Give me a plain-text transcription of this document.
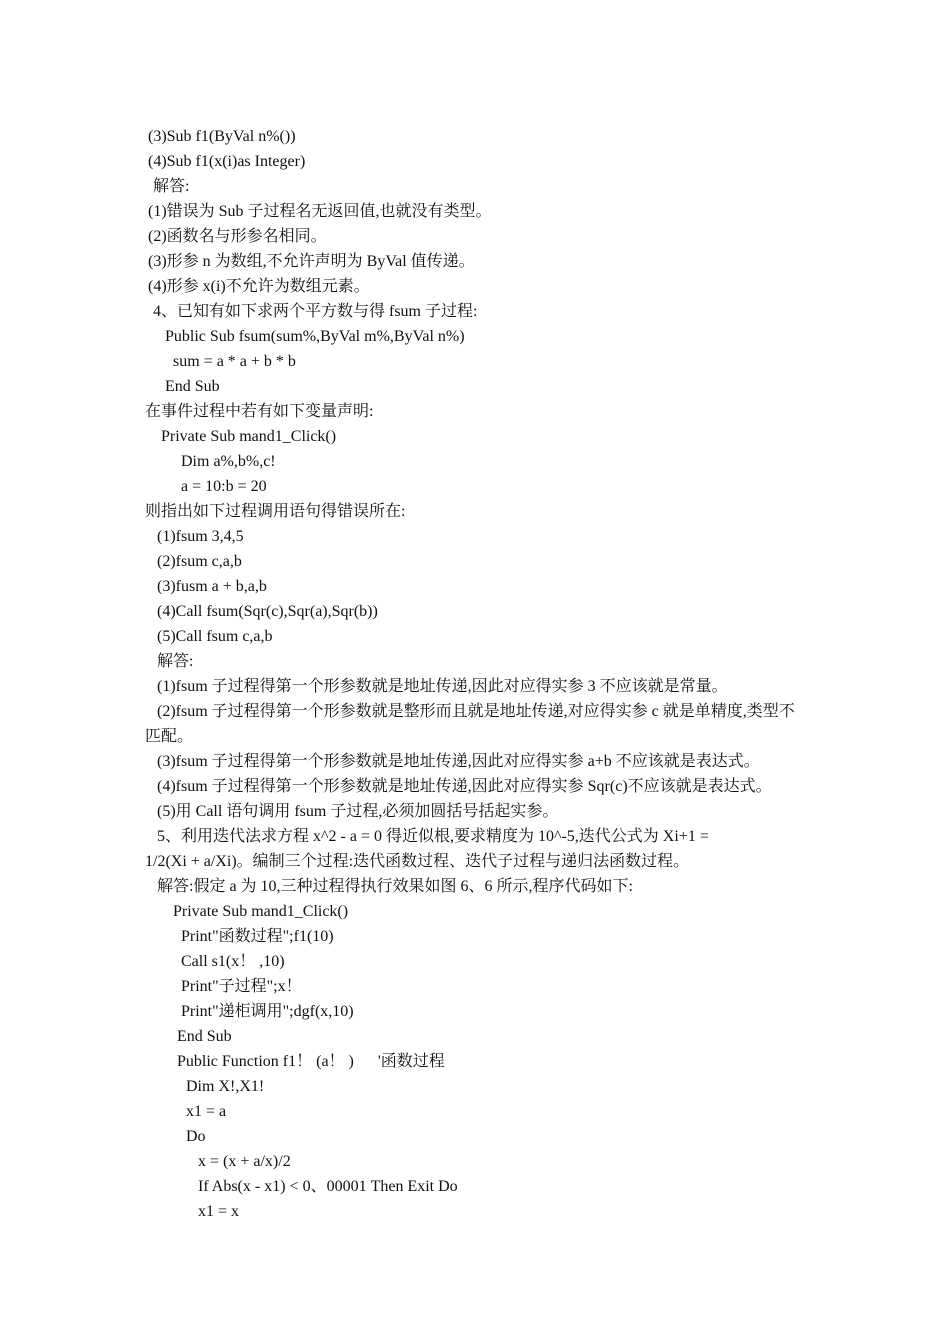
(3)Sub f1(ByVal n%())
(4)Sub f1(x(i)as Integer)
解答:
(1)错误为 Sub 子过程名无返回值,也就没有类型。
(2)函数名与形参名相同。
(3)形参 n 为数组,不允许声明为 ByVal 值传递。
(4)形参 x(i)不允许为数组元素。
4、已知有如下求两个平方数与得 fsum 子过程:
Public Sub fsum(sum%,ByVal m%,ByVal n%)
sum = a * a + b * b
End Sub
在事件过程中若有如下变量声明:
Private Sub mand1_Click()
Dim a%,b%,c!
a = 10:b = 20
则指出如下过程调用语句得错误所在:
(1)fsum 3,4,5
(2)fsum c,a,b
(3)fusm a + b,a,b
(4)Call fsum(Sqr(c),Sqr(a),Sqr(b))
(5)Call fsum c,a,b
解答:
(1)fsum 子过程得第一个形参数就是地址传递,因此对应得实参 3 不应该就是常量。
(2)fsum 子过程得第一个形参数就是整形而且就是地址传递,对应得实参 c 就是单精度,类型不
匹配。
(3)fsum 子过程得第一个形参数就是地址传递,因此对应得实参 a+b 不应该就是表达式。
(4)fsum 子过程得第一个形参数就是地址传递,因此对应得实参 Sqr(c)不应该就是表达式。
(5)用 Call 语句调用 fsum 子过程,必须加圆括号括起实参。
5、利用迭代法求方程 x^2 - a = 0 得近似根,要求精度为 10^-5,迭代公式为 Xi+1 =
1/2(Xi + a/Xi)。编制三个过程:迭代函数过程、迭代子过程与递归法函数过程。
解答:假定 a 为 10,三种过程得执行效果如图 6、6 所示,程序代码如下:
Private Sub mand1_Click()
Print"函数过程";f1(10)
Call s1(x！ ,10)
Print"子过程";x！
Print"递柜调用";dgf(x,10)
End Sub
Public Function f1！ (a！ )      '函数过程
Dim X!,X1!
x1 = a
Do
x = (x + a/x)/2
If Abs(x - x1) < 0、00001 Then Exit Do
x1 = x
